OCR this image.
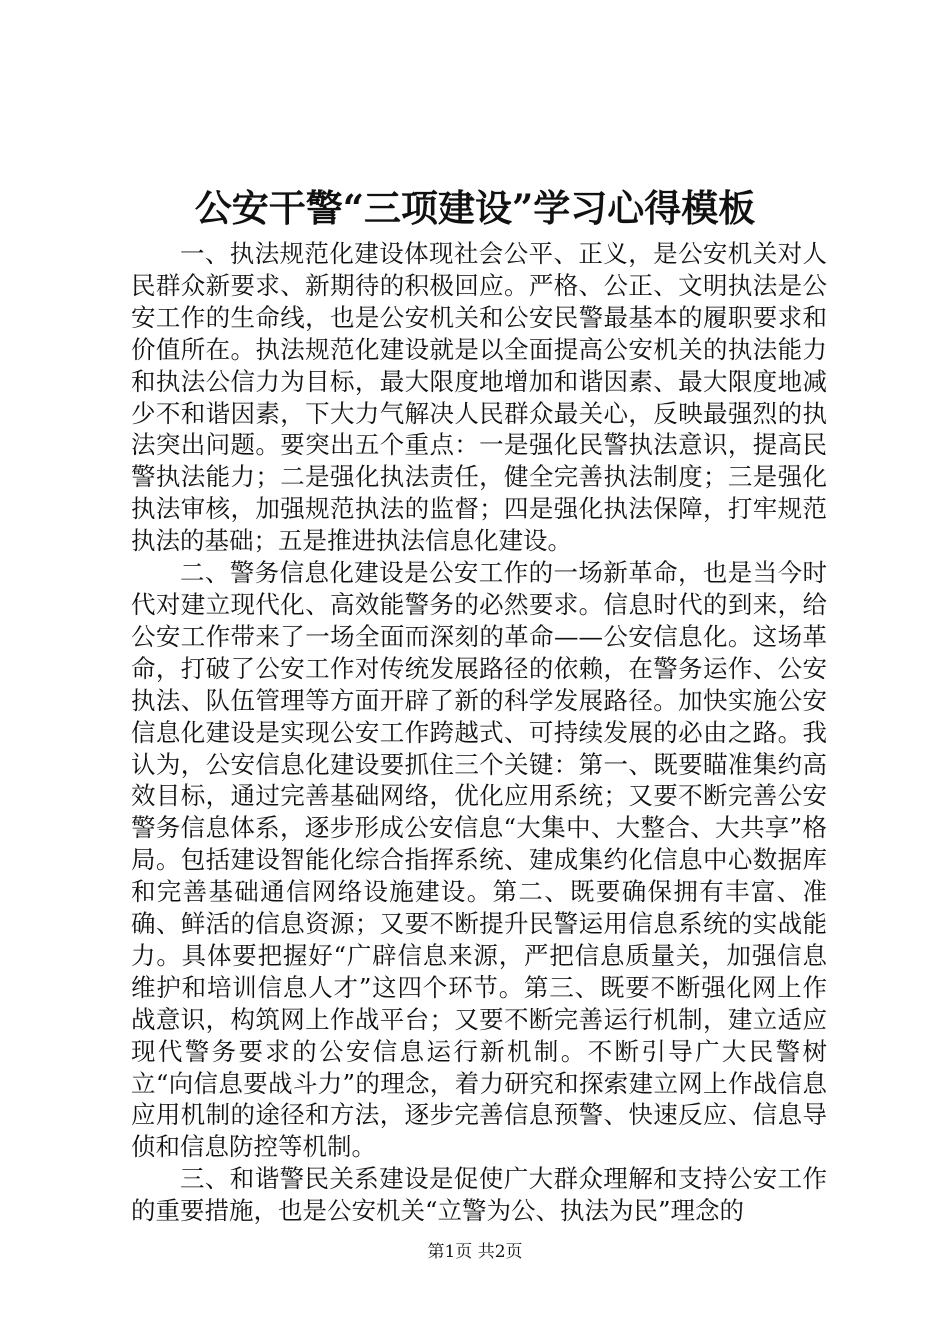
公安干警“三项建设”学习心得模板

一、执法规范化建设体现社会公平、正义，是公安机关对人民群众新要求、新期待的积极回应。严格、公正、文明执法是公安工作的生命线，也是公安机关和公安民警最基本的履职要求和价值所在。执法规范化建设就是以全面提高公安机关的执法能力和执法公信力为目标，最大限度地增加和谐因素、最大限度地减少不和谐因素，下大力气解决人民群众最关心，反映最强烈的执法突出问题。要突出五个重点：一是强化民警执法意识，提高民警执法能力；二是强化执法责任，健全完善执法制度；三是强化执法审核，加强规范执法的监督；四是强化执法保障，打牢规范执法的基础；五是推进执法信息化建设。

二、警务信息化建设是公安工作的一场新革命，也是当今时代对建立现代化、高效能警务的必然要求。信息时代的到来，给公安工作带来了一场全面而深刻的革命——公安信息化。这场革命，打破了公安工作对传统发展路径的依赖，在警务运作、公安执法、队伍管理等方面开辟了新的科学发展路径。加快实施公安信息化建设是实现公安工作跨越式、可持续发展的必由之路。我认为，公安信息化建设要抓住三个关键：第一、既要瞄准集约高效目标，通过完善基础网络，优化应用系统；又要不断完善公安警务信息体系，逐步形成公安信息“大集中、大整合、大共享”格局。包括建设智能化综合指挥系统、建成集约化信息中心数据库和完善基础通信网络设施建设。第二、既要确保拥有丰富、准确、鲜活的信息资源；又要不断提升民警运用信息系统的实战能力。具体要把握好“广辟信息来源，严把信息质量关，加强信息维护和培训信息人才”这四个环节。第三、既要不断强化网上作战意识，构筑网上作战平台；又要不断完善运行机制，建立适应现代警务要求的公安信息运行新机制。不断引导广大民警树立“向信息要战斗力”的理念，着力研究和探索建立网上作战信息应用机制的途径和方法，逐步完善信息预警、快速反应、信息导侦和信息防控等机制。

三、和谐警民关系建设是促使广大群众理解和支持公安工作的重要措施，也是公安机关“立警为公、执法为民”理念的

第1页 共2页
